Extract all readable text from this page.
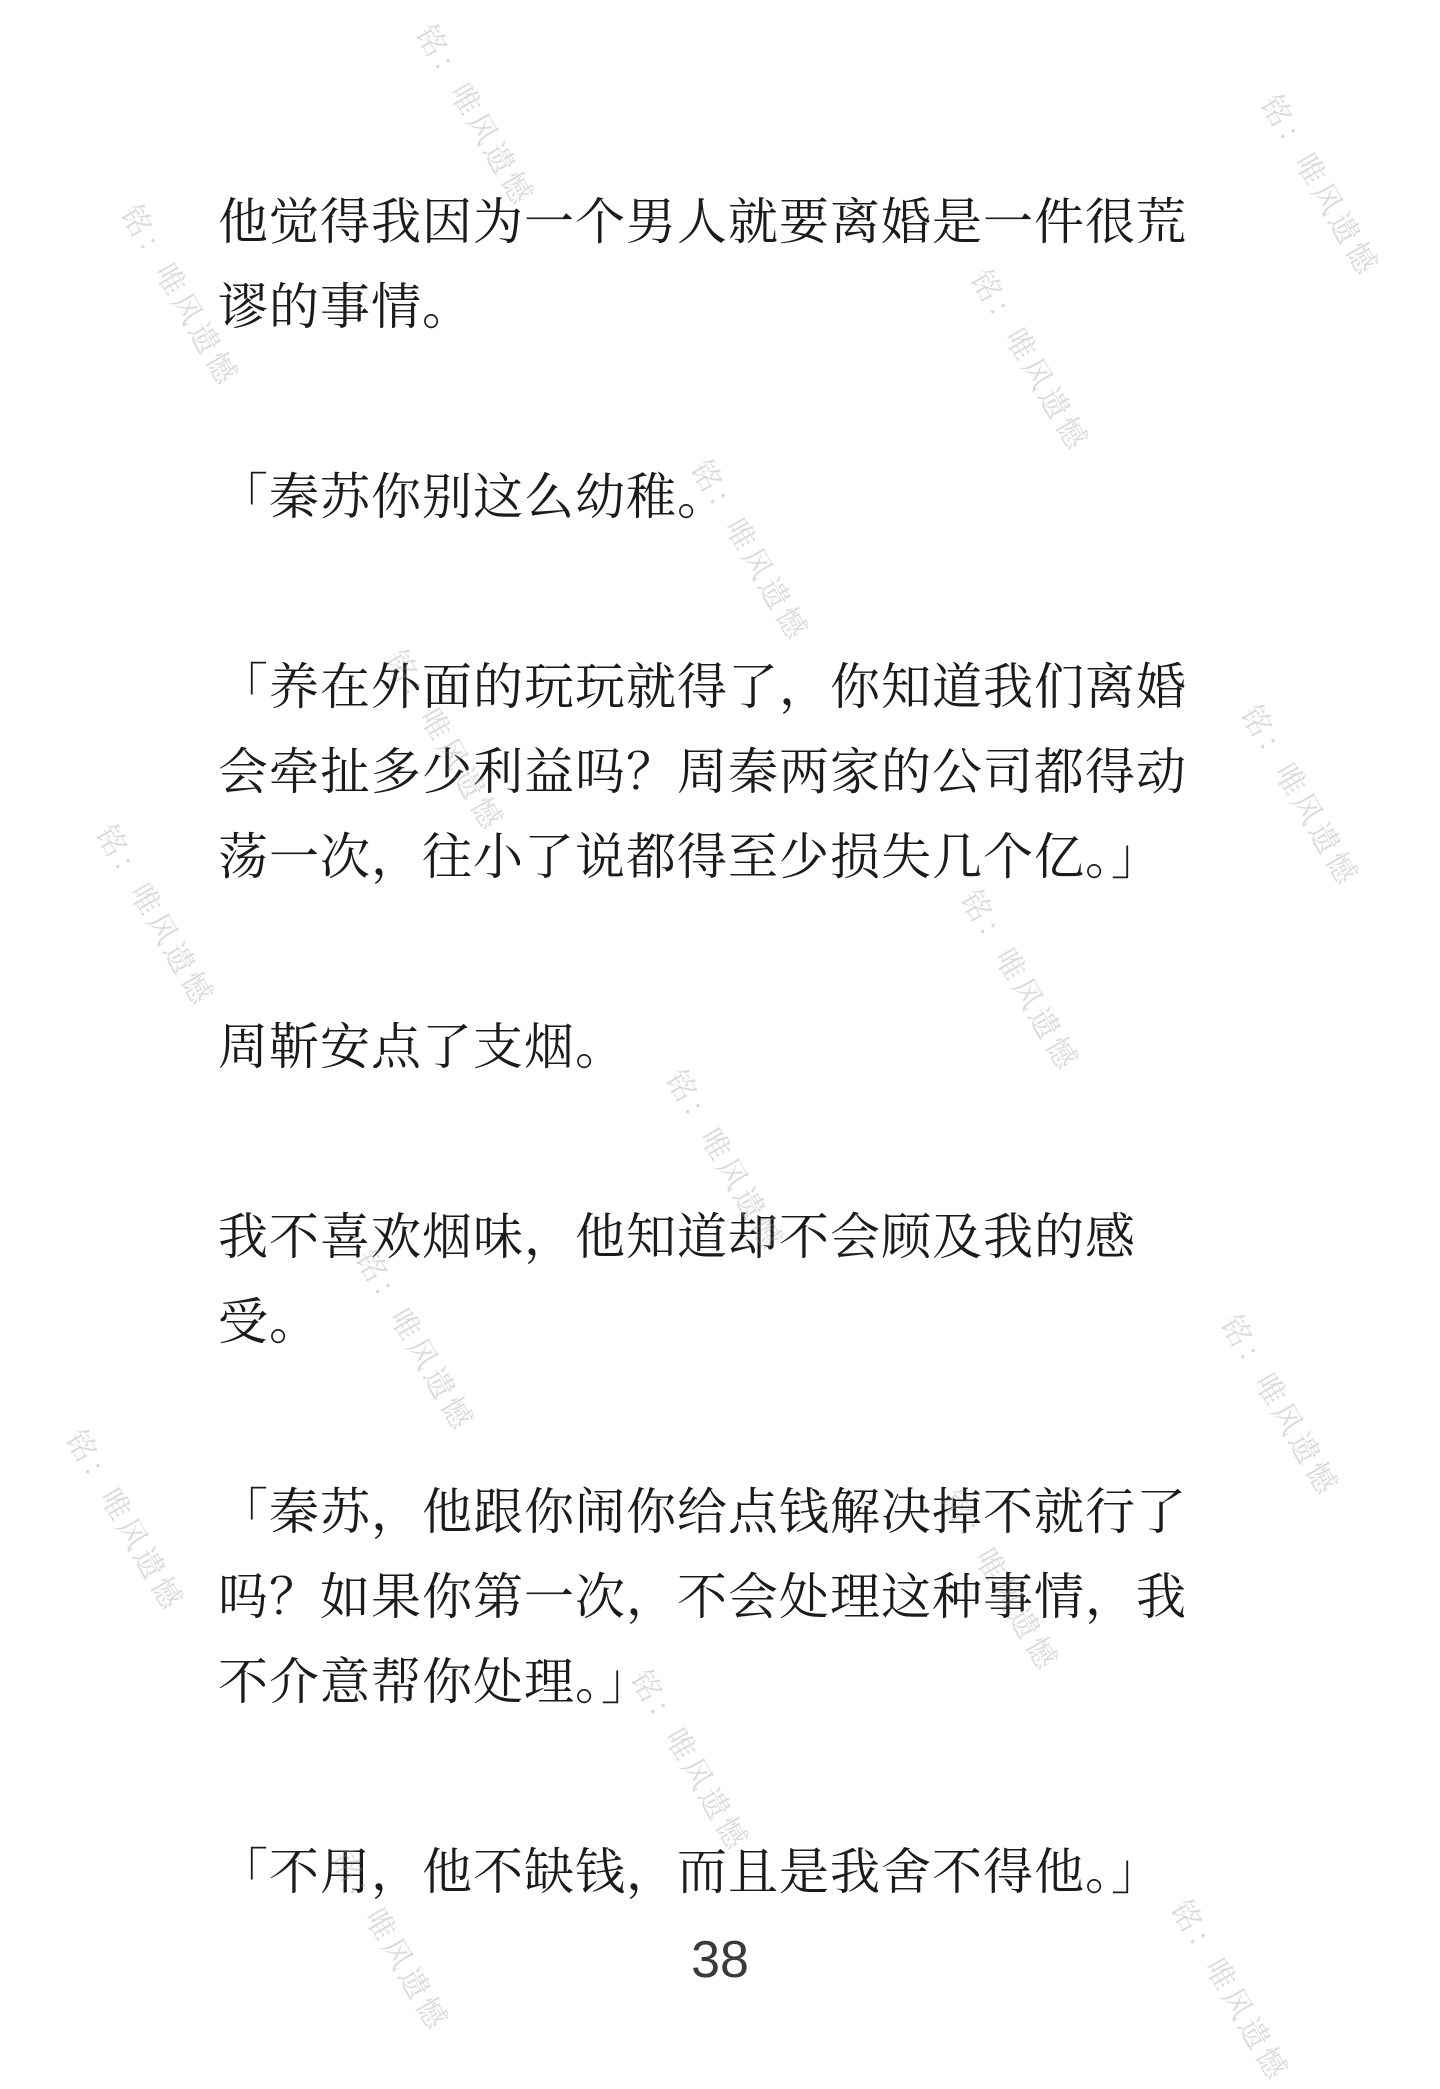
他觉得我因为一个男人就要离婚是一件很荒谬的事情。

「秦苏你别这么幼稚。

「养在外面的玩玩就得了，你知道我们离婚会牵扯多少利益吗？周秦两家的公司都得动荡一次，往小了说都得至少损失几个亿。」

周靳安点了支烟。

我不喜欢烟味，他知道却不会顾及我的感受。

「秦苏，他跟你闹你给点钱解决掉不就行了吗？如果你第一次，不会处理这种事情，我不介意帮你处理。」

「不用，他不缺钱，而且是我舍不得他。」

38
铭：唯风遗憾	铭：唯风遗憾
铭：唯风遗憾	铭：唯风遗憾
铭：唯风遗憾
铭：唯风遗憾	铭：唯风遗憾
铭：唯风遗憾	铭：唯风遗憾
铭：唯风遗憾
铭：唯风遗憾	铭：唯风遗憾
铭：唯风遗憾	铭：唯风遗憾
铭：唯风遗憾
铭：唯风遗憾	铭：唯风遗憾
